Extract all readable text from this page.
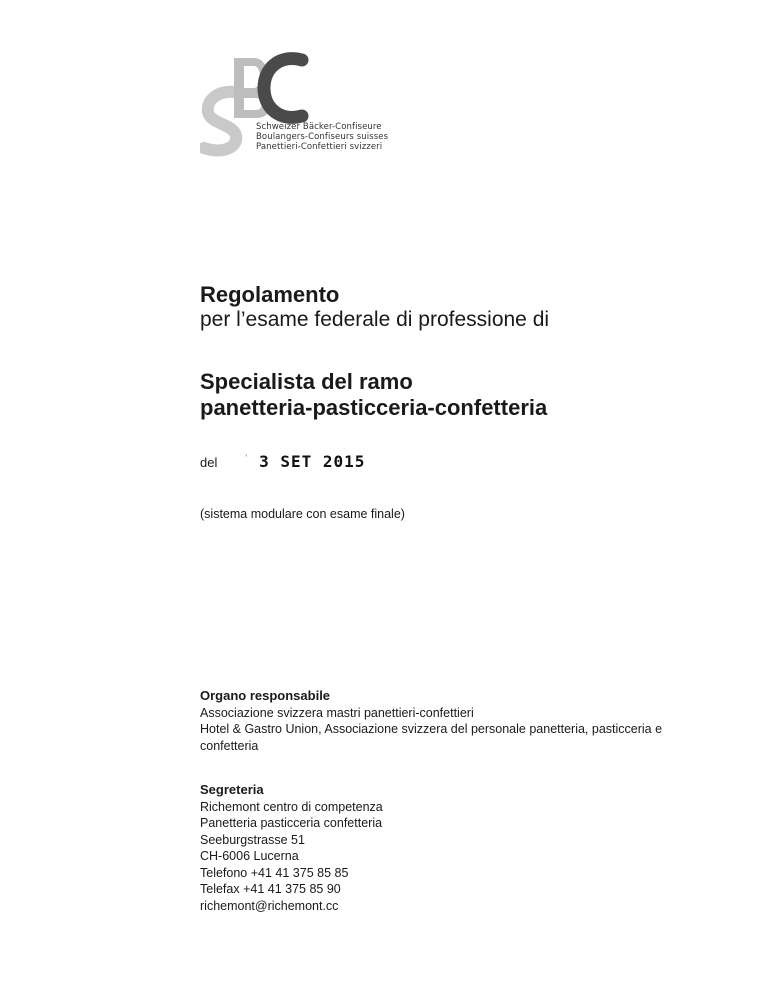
Schweizer Bäcker-Confiseure
Boulangers-Confiseurs suisses
Panettieri-Confettieri svizzeri

Regolamento

per l’esame federale di professione di

Specialista del ramo

panetteria-pasticceria-confetteria

del	' 3 SET 2015
(sistema modulare con esame finale)
Organo responsabile
Associazione svizzera mastri panettieri-confettieri
Hotel & Gastro Union, Associazione svizzera del personale panetteria, pasticceria e confetteria
Segreteria
Richemont centro di competenza
Panetteria pasticceria confetteria
Seeburgstrasse 51
CH-6006 Lucerna
Telefono +41 41 375 85 85
Telefax +41 41 375 85 90
richemont@richemont.cc
